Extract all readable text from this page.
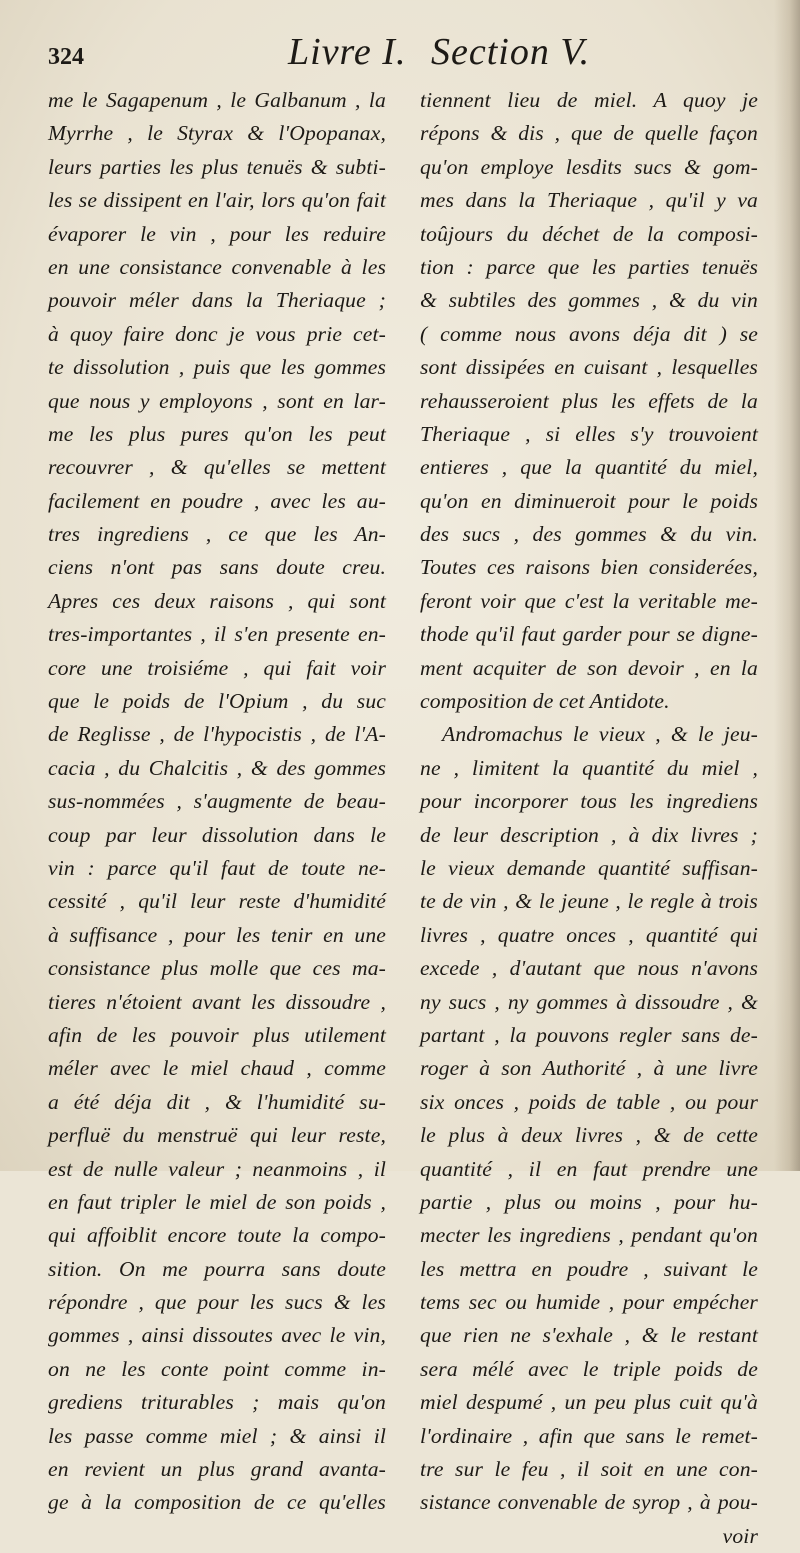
324	Livre I. Section V.
me le Sagapenum , le Galbanum , la
Myrrhe , le Styrax & l'Opopanax,
leurs parties les plus tenuës & subti-
les se dissipent en l'air, lors qu'on fait
évaporer le vin , pour les reduire
en une consistance convenable à les
pouvoir méler dans la Theriaque ;
à quoy faire donc je vous prie cet-
te dissolution , puis que les gommes
que nous y employons , sont en lar-
me les plus pures qu'on les peut
recouvrer , & qu'elles se mettent
facilement en poudre , avec les au-
tres ingrediens , ce que les An-
ciens n'ont pas sans doute creu.
Apres ces deux raisons , qui sont
tres-importantes , il s'en presente en-
core une troisiéme , qui fait voir
que le poids de l'Opium , du suc
de Reglisse , de l'hypocistis , de l'A-
cacia , du Chalcitis , & des gommes
sus-nommées , s'augmente de beau-
coup par leur dissolution dans le
vin : parce qu'il faut de toute ne-
cessité , qu'il leur reste d'humidité
à suffisance , pour les tenir en une
consistance plus molle que ces ma-
tieres n'étoient avant les dissoudre ,
afin de les pouvoir plus utilement
méler avec le miel chaud , comme
a été déja dit , & l'humidité su-
perfluë du menstruë qui leur reste,
est de nulle valeur ; neanmoins , il
en faut tripler le miel de son poids ,
qui affoiblit encore toute la compo-
sition. On me pourra sans doute
répondre , que pour les sucs & les
gommes , ainsi dissoutes avec le vin,
on ne les conte point comme in-
grediens triturables ; mais qu'on
les passe comme miel ; & ainsi il
en revient un plus grand avanta-
ge à la composition de ce qu'elles
tiennent lieu de miel. A quoy je
répons & dis , que de quelle façon
qu'on employe lesdits sucs & gom-
mes dans la Theriaque , qu'il y va
toûjours du déchet de la composi-
tion : parce que les parties tenuës
& subtiles des gommes , & du vin
( comme nous avons déja dit ) se
sont dissipées en cuisant , lesquelles
rehausseroient plus les effets de la
Theriaque , si elles s'y trouvoient
entieres , que la quantité du miel,
qu'on en diminueroit pour le poids
des sucs , des gommes & du vin.
Toutes ces raisons bien considerées,
feront voir que c'est la veritable me-
thode qu'il faut garder pour se digne-
ment acquiter de son devoir , en la
composition de cet Antidote.
Andromachus le vieux , & le jeu-
ne , limitent la quantité du miel ,
pour incorporer tous les ingrediens
de leur description , à dix livres ;
le vieux demande quantité suffisan-
te de vin , & le jeune , le regle à trois
livres , quatre onces , quantité qui
excede , d'autant que nous n'avons
ny sucs , ny gommes à dissoudre , &
partant , la pouvons regler sans de-
roger à son Authorité , à une livre
six onces , poids de table , ou pour
le plus à deux livres , & de cette
quantité , il en faut prendre une
partie , plus ou moins , pour hu-
mecter les ingrediens , pendant qu'on
les mettra en poudre , suivant le
tems sec ou humide , pour empécher
que rien ne s'exhale , & le restant
sera mélé avec le triple poids de
miel despumé , un peu plus cuit qu'à
l'ordinaire , afin que sans le remet-
tre sur le feu , il soit en une con-
sistance convenable de syrop , à pou-
voir
